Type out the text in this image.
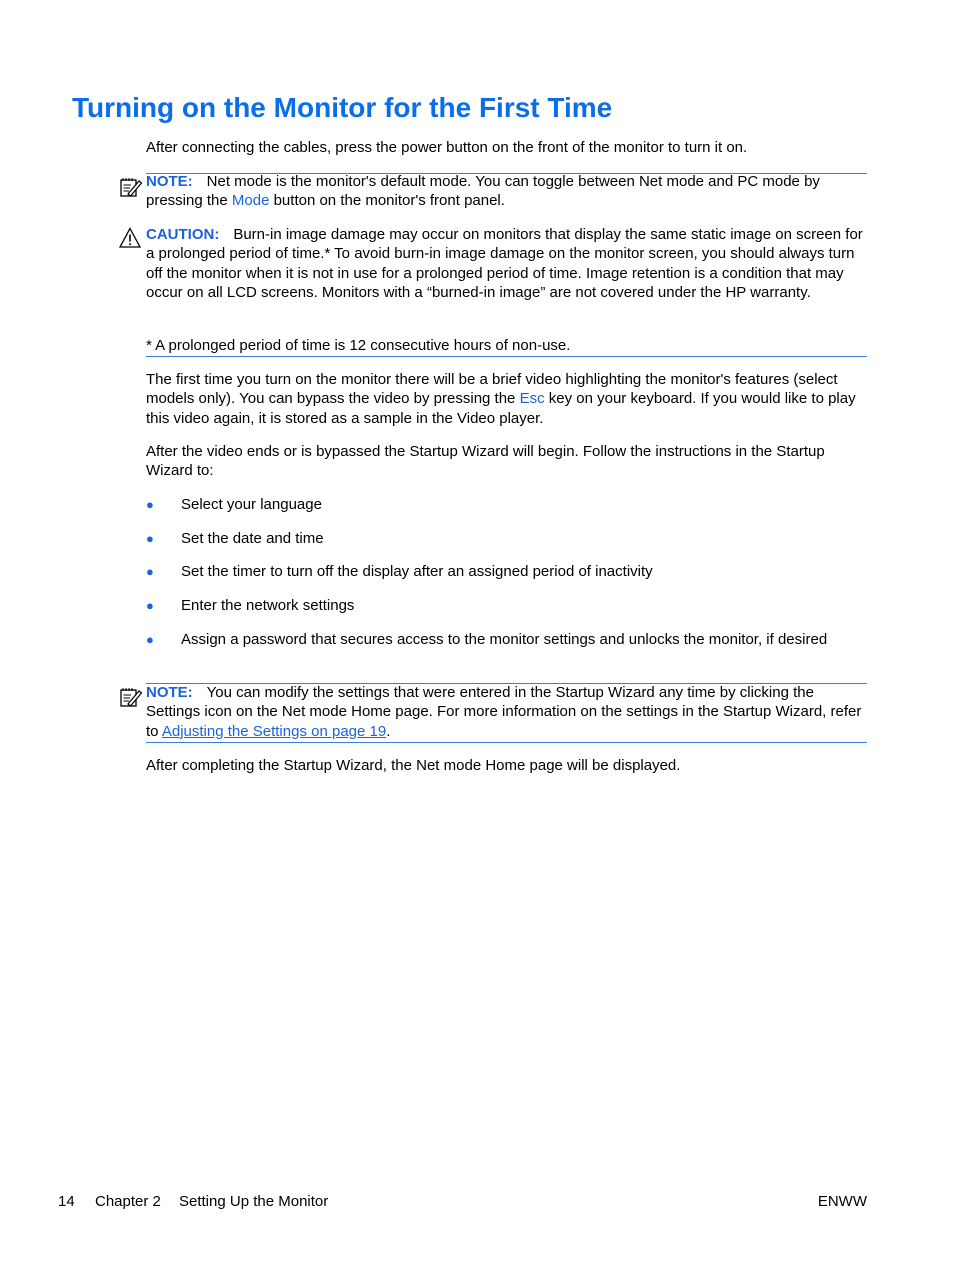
Turning on the Monitor for the First Time

After connecting the cables, press the power button on the front of the monitor to turn it on.

NOTE: Net mode is the monitor's default mode. You can toggle between Net mode and PC mode by pressing the Mode button on the monitor's front panel.

CAUTION: Burn-in image damage may occur on monitors that display the same static image on screen for a prolonged period of time.* To avoid burn-in image damage on the monitor screen, you should always turn off the monitor when it is not in use for a prolonged period of time. Image retention is a condition that may occur on all LCD screens. Monitors with a “burned-in image” are not covered under the HP warranty.

* A prolonged period of time is 12 consecutive hours of non-use.

The first time you turn on the monitor there will be a brief video highlighting the monitor's features (select models only). You can bypass the video by pressing the Esc key on your keyboard. If you would like to play this video again, it is stored as a sample in the Video player.

After the video ends or is bypassed the Startup Wizard will begin. Follow the instructions in the Startup Wizard to:

● Select your language

● Set the date and time

● Set the timer to turn off the display after an assigned period of inactivity

● Enter the network settings

● Assign a password that secures access to the monitor settings and unlocks the monitor, if desired

NOTE: You can modify the settings that were entered in the Startup Wizard any time by clicking the Settings icon on the Net mode Home page. For more information on the settings in the Startup Wizard, refer to Adjusting the Settings on page 19.

After completing the Startup Wizard, the Net mode Home page will be displayed.

14 Chapter 2 Setting Up the Monitor	ENWW
